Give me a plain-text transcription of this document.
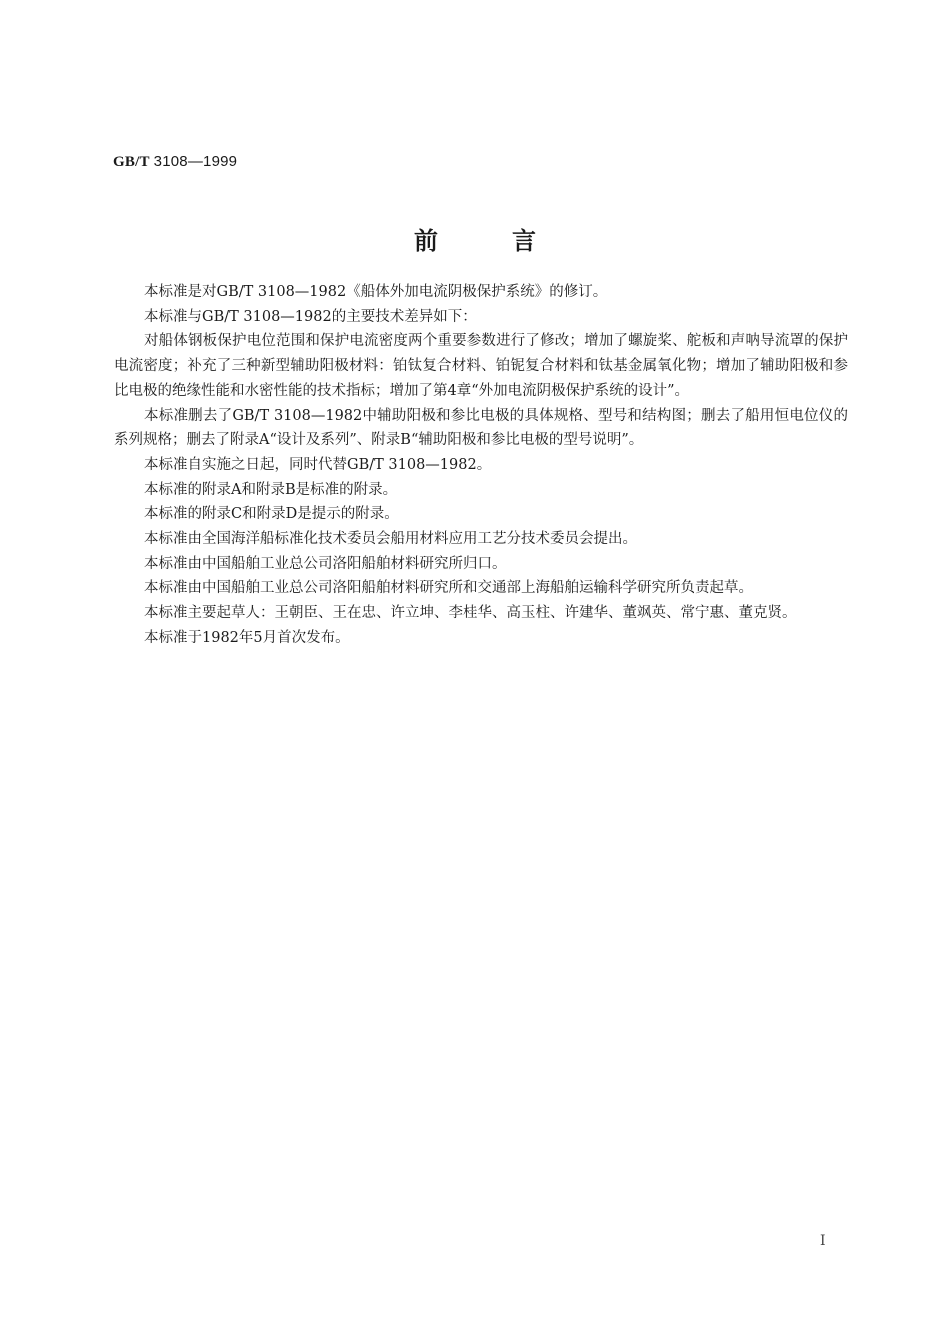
GB/T 3108—1999
前言

本标准是对GB/T 3108—1982《船体外加电流阴极保护系统》的修订。

本标准与GB/T 3108—1982的主要技术差异如下：

对船体钢板保护电位范围和保护电流密度两个重要参数进行了修改；增加了螺旋桨、舵板和声呐导流罩的保护电流密度；补充了三种新型辅助阳极材料：铂钛复合材料、铂铌复合材料和钛基金属氧化物；增加了辅助阳极和参比电极的绝缘性能和水密性能的技术指标；增加了第4章“外加电流阴极保护系统的设计”。

本标准删去了GB/T 3108—1982中辅助阳极和参比电极的具体规格、型号和结构图；删去了船用恒电位仪的系列规格；删去了附录A“设计及系列”、附录B“辅助阳极和参比电极的型号说明”。

本标准自实施之日起，同时代替GB/T 3108—1982。

本标准的附录A和附录B是标准的附录。

本标准的附录C和附录D是提示的附录。

本标准由全国海洋船标准化技术委员会船用材料应用工艺分技术委员会提出。

本标准由中国船舶工业总公司洛阳船舶材料研究所归口。

本标准由中国船舶工业总公司洛阳船舶材料研究所和交通部上海船舶运输科学研究所负责起草。

本标准主要起草人：王朝臣、王在忠、许立坤、李桂华、高玉柱、许建华、董飒英、常宁惠、董克贤。

本标准于1982年5月首次发布。

I
